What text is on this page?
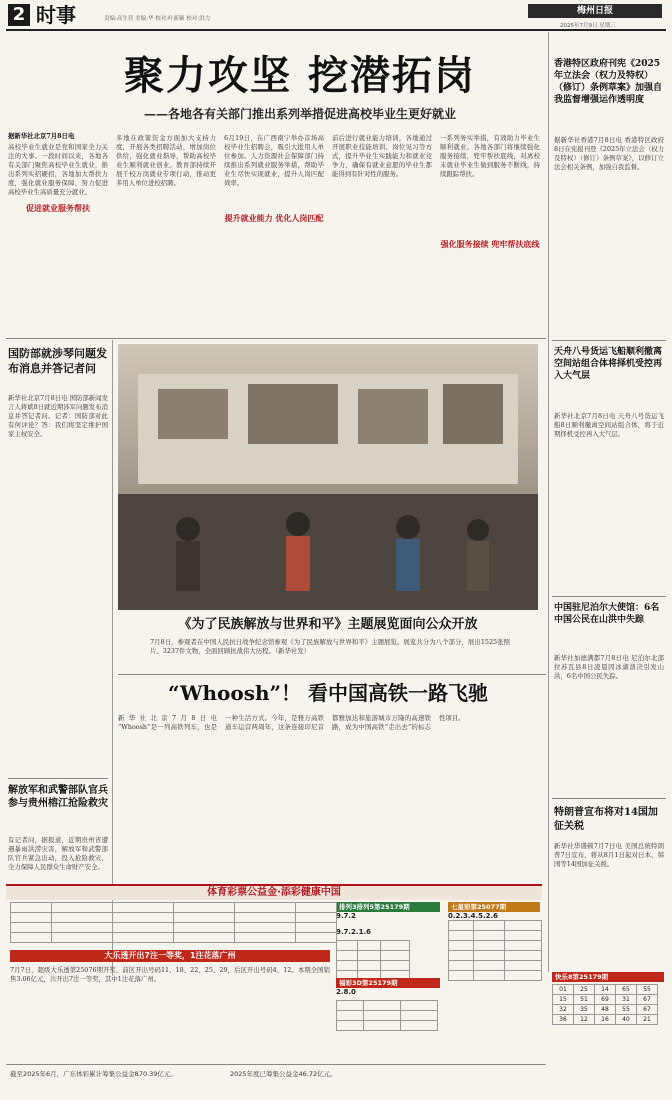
2 时事	责编:高生营 美编:华 校对:叶新颖 校对:洪力
梅州日报
2025年7月9日 星期三
聚力攻坚 挖潜拓岗
——各地各有关部门推出系列举措促进高校毕业生更好就业
据新华社北京7月8日电
高校毕业生就业是党和国家全力关注的大事。一段时间以来，各地各有关部门聚焦高校毕业生就业，推出系列实招硬招，各地加大帮扶力度，强化就业服务保障，努力促进高校毕业生高质量充分就业。
促进就业服务帮扶
多地在政策资金方面加大支持力度，开展各类招聘活动，增加岗位供给，强化就业指导，帮助高校毕业生顺利就业创业。教育部持续开展千校万岗就业专项行动，推动更多用人单位进校招聘。
6月19日，在广西南宁举办首场高校毕业生招聘会，吸引大批用人单位参加。人力资源社会保障部门持续推出系列就业服务举措，帮助毕业生尽快实现就业，提升人岗匹配效率。
提升就业能力 优化人岗匹配
前后进行就业能力培训，各地通过开展职业技能培训、岗位见习等方式，提升毕业生实践能力和就业竞争力，确保有就业意愿的毕业生都能得到有针对性的服务。
一系列务实举措，有效助力毕业生顺利就业。各地各部门将继续强化服务接续，兜牢帮扶底线，对离校未就业毕业生做到服务不断线，持续跟踪帮扶。
强化服务接续 兜牢帮扶底线
国防部就涉琴问题发布消息并答记者问
新华社北京7月8日电 国防部新闻发言人蒋斌8日就近期涉军问题发布消息并答记者问。记者：国防部对此有何评论？答：我们将坚定维护国家主权安全。
解放军和武警部队官兵参与贵州榕江抢险救灾
有记者问，据报道，近期贵州省遭遇暴雨洪涝灾害，解放军和武警部队官兵紧急出动，投入抢险救灾，全力保障人民群众生命财产安全。
《为了民族解放与世界和平》主题展览面向公众开放
7月8日，参观者在中国人民抗日战争纪念馆参观《为了民族解放与世界和平》主题展览。展览共分为八个部分，展出1525张照片、3237件文物，全面回顾抗战伟大历程。（新华社发）
“Whoosh”！ 看中国高铁一路飞驰
新华社北京7月8日电 “Whoosh”是一列高铁列车，也是一种生活方式。今年，是雅万高铁通车运营两周年，这条连接印尼首都雅加达和旅游城市万隆的高速铁路，成为中国高铁“走出去”的标志性项目。
香港特区政府刊宪《2025年立法会（权力及特权）（修订）条例草案》加强自我监督增强运作透明度
据新华社香港7月8日电 香港特区政府8日在宪报刊登《2025年立法会（权力及特权）（修订）条例草案》，以修订立法会相关条例，加强自我监督。
天舟八号货运飞船顺利撤离空间站组合体将择机受控再入大气层
新华社北京7月8日电 天舟八号货运飞船8日顺利撤离空间站组合体，将于近期择机受控再入大气层。
中国驻尼泊尔大使馆：6名中国公民在山洪中失踪
新华社加德满都7月8日电 尼泊尔北部拉苏瓦县8日凌晨因冰湖溃决引发山洪，6名中国公民失踪。
特朗普宣布将对14国加征关税
新华社华盛顿7月7日电 美国总统特朗普7日宣布，将从8月1日起对日本、韩国等14国加征关税。
体育彩票公益金·添彩健康中国
排列3排列5第25179期
9.7.2
9.7.2.1.6
七星彩第25077期
0.2.3.4.5.2.6

福彩3D第25179期
2.8.0

快乐8第25179期
01	25	14	65	55
15	51	69	31	67
32	35	48	55	67
36	12	16	40	21

大乐透开出7注一等奖，1注花落广州
7月7日，超级大乐透第25076期开奖，前区开出号码11、18、22、25、29，后区开出号码4、12。本期全国销售3.06亿元，共开出7注一等奖，其中1注花落广州。
截至2025年6月，广东体彩累计筹集公益金870.39亿元。	2025年度已筹集公益金46.72亿元。
